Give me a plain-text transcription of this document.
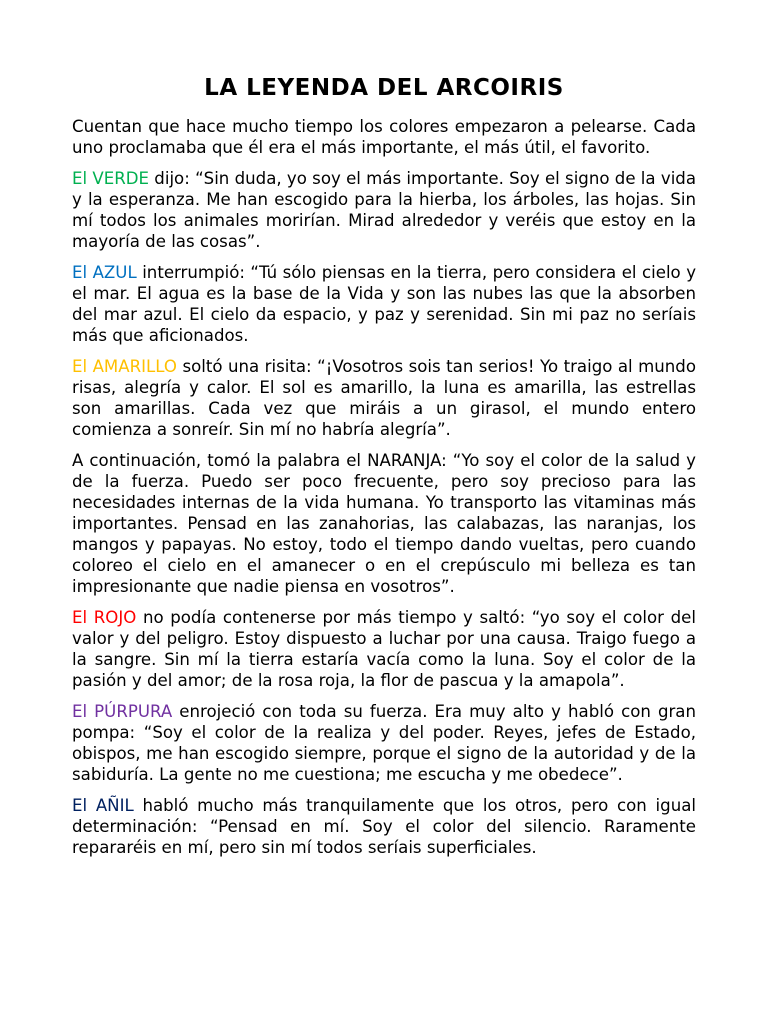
LA LEYENDA DEL ARCOIRIS

Cuentan que hace mucho tiempo los colores empezaron a pelearse. Cada uno proclamaba que él era el más importante, el más útil, el favorito.

El VERDE dijo: “Sin duda, yo soy el más importante. Soy el signo de la vida y la esperanza. Me han escogido para la hierba, los árboles, las hojas. Sin mí todos los animales morirían. Mirad alrededor y veréis que estoy en la mayoría de las cosas”.

El AZUL interrumpió: “Tú sólo piensas en la tierra, pero considera el cielo y el mar. El agua es la base de la Vida y son las nubes las que la absorben del mar azul. El cielo da espacio, y paz y serenidad. Sin mi paz no seríais más que aficionados.

El AMARILLO soltó una risita: “¡Vosotros sois tan serios! Yo traigo al mundo risas, alegría y calor. El sol es amarillo, la luna es amarilla, las estrellas son amarillas. Cada vez que miráis a un girasol, el mundo entero comienza a sonreír. Sin mí no habría alegría”.

A continuación, tomó la palabra el NARANJA: “Yo soy el color de la salud y de la fuerza. Puedo ser poco frecuente, pero soy precioso para las necesidades internas de la vida humana. Yo transporto las vitaminas más importantes. Pensad en las zanahorias, las calabazas, las naranjas, los mangos y papayas. No estoy, todo el tiempo dando vueltas, pero cuando coloreo el cielo en el amanecer o en el crepúsculo mi belleza es tan impresionante que nadie piensa en vosotros”.

El ROJO no podía contenerse por más tiempo y saltó: “yo soy el color del valor y del peligro. Estoy dispuesto a luchar por una causa. Traigo fuego a la sangre. Sin mí la tierra estaría vacía como la luna. Soy el color de la pasión y del amor; de la rosa roja, la flor de pascua y la amapola”.

El PÚRPURA enrojeció con toda su fuerza. Era muy alto y habló con gran pompa: “Soy el color de la realiza y del poder. Reyes, jefes de Estado, obispos, me han escogido siempre, porque el signo de la autoridad y de la sabiduría. La gente no me cuestiona; me escucha y me obedece”.

El AÑIL habló mucho más tranquilamente que los otros, pero con igual determinación: “Pensad en mí. Soy el color del silencio. Raramente repararéis en mí, pero sin mí todos seríais superficiales.
